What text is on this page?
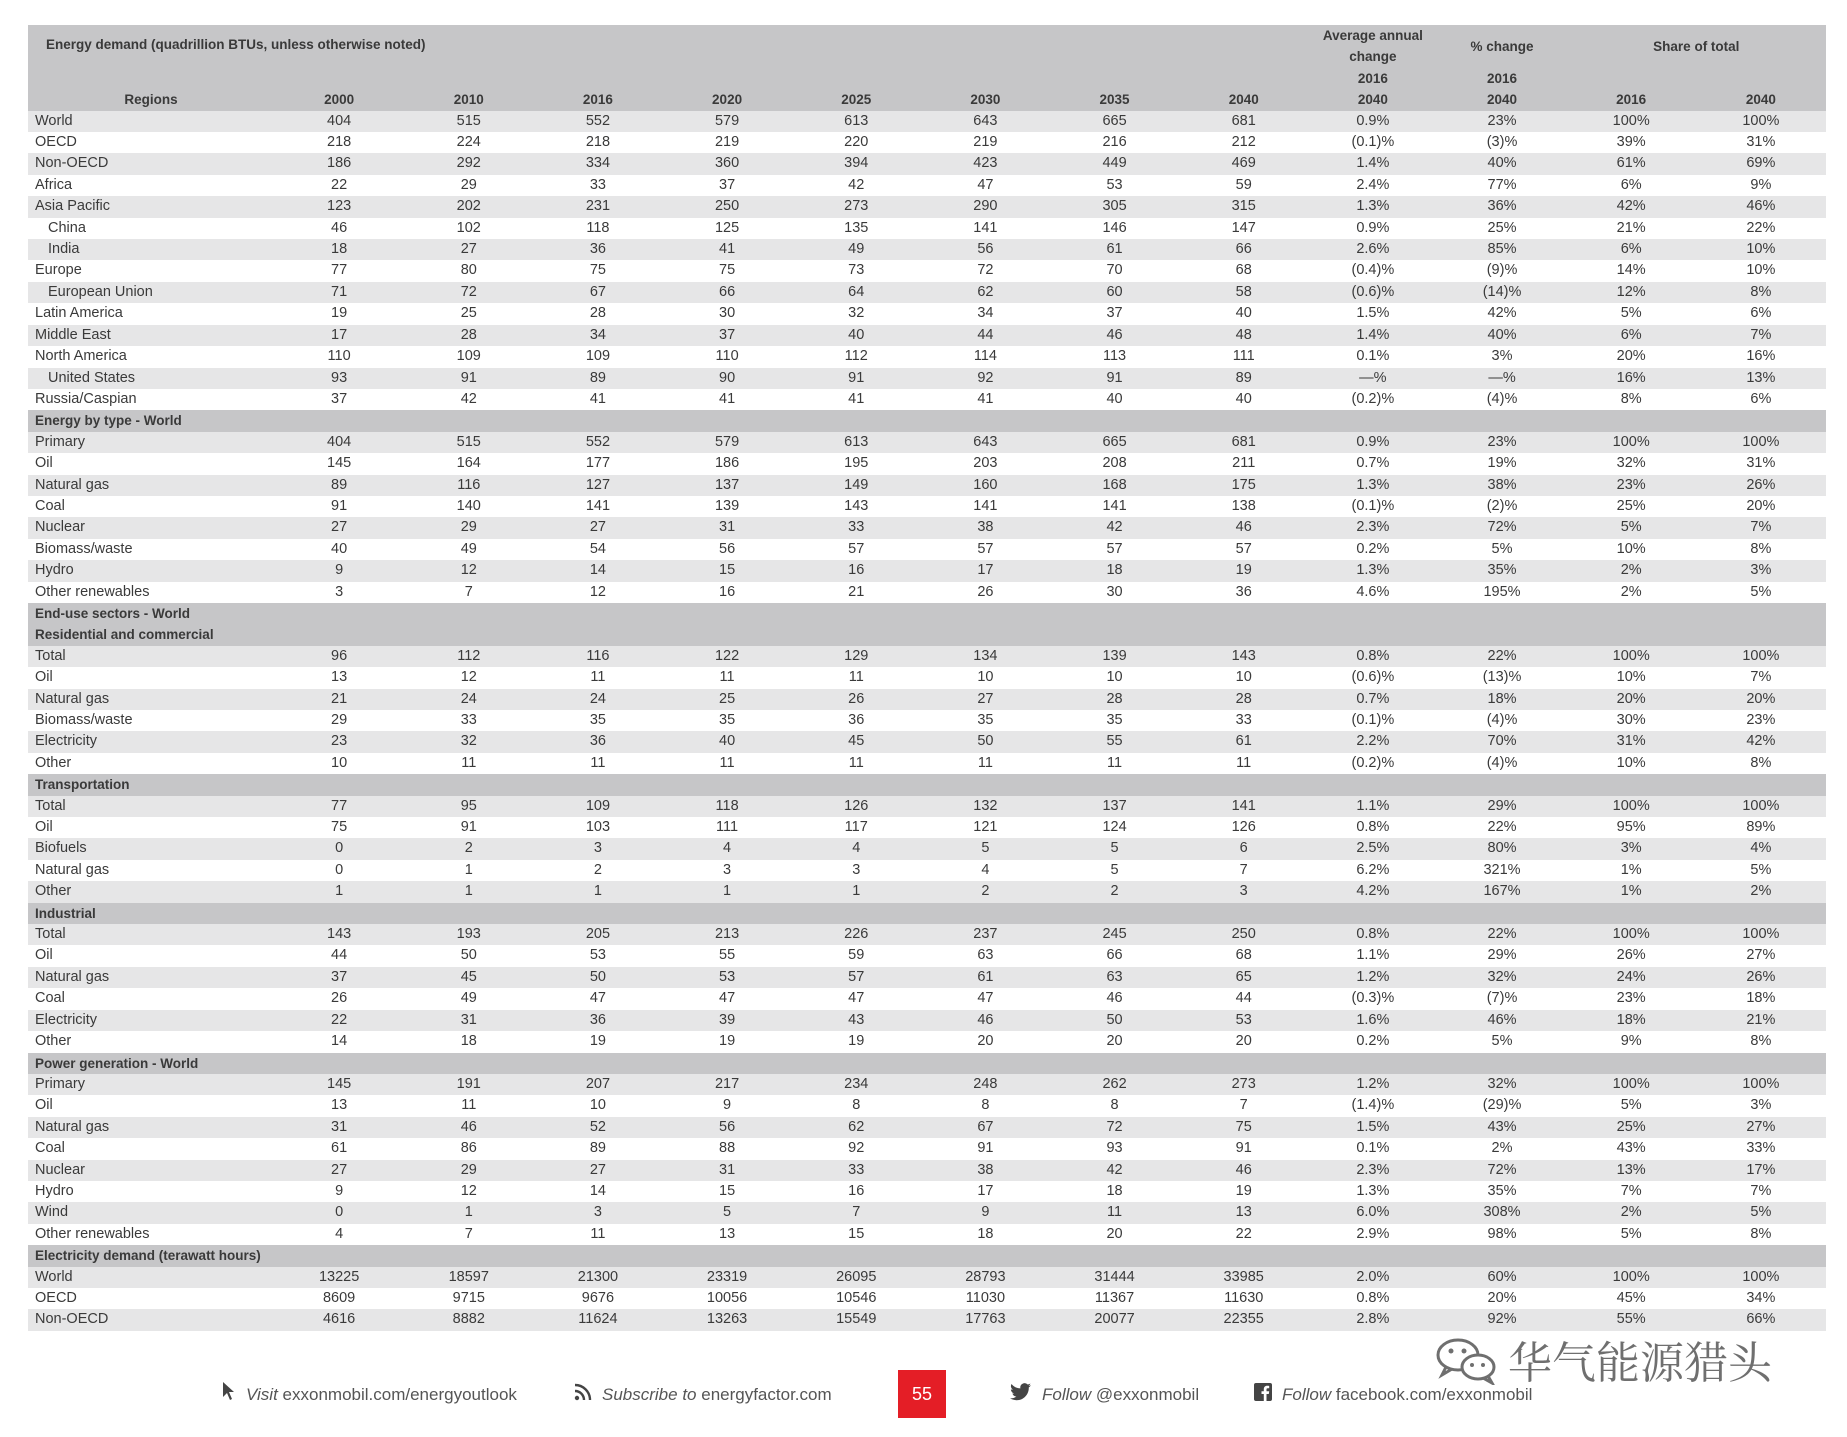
Energy demand (quadrillion BTUs, unless otherwise noted)									Average annual change	% change	Share of total	
									2016	2016		
Regions	2000	2010	2016	2020	2025	2030	2035	2040	2040	2040	2016	2040
World	404	515	552	579	613	643	665	681	0.9%	23%	100%	100%
OECD	218	224	218	219	220	219	216	212	(0.1)%	(3)%	39%	31%
Non-OECD	186	292	334	360	394	423	449	469	1.4%	40%	61%	69%
Africa	22	29	33	37	42	47	53	59	2.4%	77%	6%	9%
Asia Pacific	123	202	231	250	273	290	305	315	1.3%	36%	42%	46%
China	46	102	118	125	135	141	146	147	0.9%	25%	21%	22%
India	18	27	36	41	49	56	61	66	2.6%	85%	6%	10%
Europe	77	80	75	75	73	72	70	68	(0.4)%	(9)%	14%	10%
European Union	71	72	67	66	64	62	60	58	(0.6)%	(14)%	12%	8%
Latin America	19	25	28	30	32	34	37	40	1.5%	42%	5%	6%
Middle East	17	28	34	37	40	44	46	48	1.4%	40%	6%	7%
North America	110	109	109	110	112	114	113	111	0.1%	3%	20%	16%
United States	93	91	89	90	91	92	91	89	—%	—%	16%	13%
Russia/Caspian	37	42	41	41	41	41	40	40	(0.2)%	(4)%	8%	6%
Energy by type - World												
Primary	404	515	552	579	613	643	665	681	0.9%	23%	100%	100%
Oil	145	164	177	186	195	203	208	211	0.7%	19%	32%	31%
Natural gas	89	116	127	137	149	160	168	175	1.3%	38%	23%	26%
Coal	91	140	141	139	143	141	141	138	(0.1)%	(2)%	25%	20%
Nuclear	27	29	27	31	33	38	42	46	2.3%	72%	5%	7%
Biomass/waste	40	49	54	56	57	57	57	57	0.2%	5%	10%	8%
Hydro	9	12	14	15	16	17	18	19	1.3%	35%	2%	3%
Other renewables	3	7	12	16	21	26	30	36	4.6%	195%	2%	5%
End-use sectors - World												
Residential and commercial												
Total	96	112	116	122	129	134	139	143	0.8%	22%	100%	100%
Oil	13	12	11	11	11	10	10	10	(0.6)%	(13)%	10%	7%
Natural gas	21	24	24	25	26	27	28	28	0.7%	18%	20%	20%
Biomass/waste	29	33	35	35	36	35	35	33	(0.1)%	(4)%	30%	23%
Electricity	23	32	36	40	45	50	55	61	2.2%	70%	31%	42%
Other	10	11	11	11	11	11	11	11	(0.2)%	(4)%	10%	8%
Transportation												
Total	77	95	109	118	126	132	137	141	1.1%	29%	100%	100%
Oil	75	91	103	111	117	121	124	126	0.8%	22%	95%	89%
Biofuels	0	2	3	4	4	5	5	6	2.5%	80%	3%	4%
Natural gas	0	1	2	3	3	4	5	7	6.2%	321%	1%	5%
Other	1	1	1	1	1	2	2	3	4.2%	167%	1%	2%
Industrial												
Total	143	193	205	213	226	237	245	250	0.8%	22%	100%	100%
Oil	44	50	53	55	59	63	66	68	1.1%	29%	26%	27%
Natural gas	37	45	50	53	57	61	63	65	1.2%	32%	24%	26%
Coal	26	49	47	47	47	47	46	44	(0.3)%	(7)%	23%	18%
Electricity	22	31	36	39	43	46	50	53	1.6%	46%	18%	21%
Other	14	18	19	19	19	20	20	20	0.2%	5%	9%	8%
Power generation - World												
Primary	145	191	207	217	234	248	262	273	1.2%	32%	100%	100%
Oil	13	11	10	9	8	8	8	7	(1.4)%	(29)%	5%	3%
Natural gas	31	46	52	56	62	67	72	75	1.5%	43%	25%	27%
Coal	61	86	89	88	92	91	93	91	0.1%	2%	43%	33%
Nuclear	27	29	27	31	33	38	42	46	2.3%	72%	13%	17%
Hydro	9	12	14	15	16	17	18	19	1.3%	35%	7%	7%
Wind	0	1	3	5	7	9	11	13	6.0%	308%	2%	5%
Other renewables	4	7	11	13	15	18	20	22	2.9%	98%	5%	8%
Electricity demand (terawatt hours)												
World	13225	18597	21300	23319	26095	28793	31444	33985	2.0%	60%	100%	100%
OECD	8609	9715	9676	10056	10546	11030	11367	11630	0.8%	20%	45%	34%
Non-OECD	4616	8882	11624	13263	15549	17763	20077	22355	2.8%	92%	55%	66%
Visit exxonmobil.com/energyoutlook	Subscribe to energyfactor.com	Follow @exxonmobil	Follow facebook.com/exxonmobil
55
华气能源猎头
